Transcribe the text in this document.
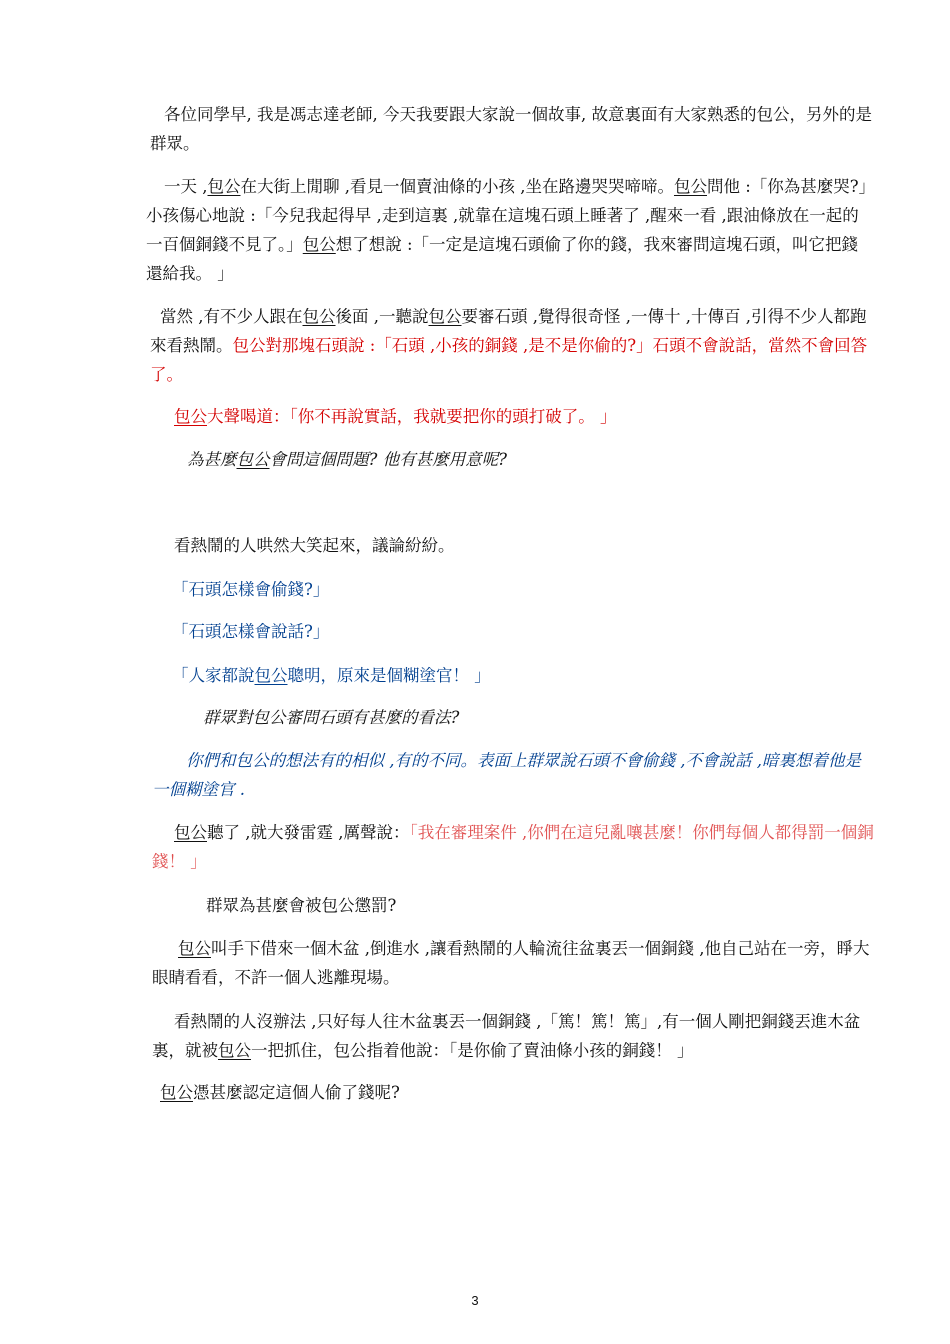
各位同學早, 我是馮志達老師, 今天我要跟大家說一個故事, 故意裏面有大家熟悉的包公，另外的是群眾。

一天 ,包公在大街上閒聊 ,看見一個賣油條的小孩 ,坐在路邊哭哭啼啼。包公問他 :「你為甚麼哭?」小孩傷心地說 :「今兒我起得早 ,走到這裏 ,就靠在這塊石頭上睡著了 ,醒來一看 ,跟油條放在一起的一百個銅錢不見了。」包公想了想說 :「一定是這塊石頭偷了你的錢，我來審問這塊石頭，叫它把錢還給我。 」

當然 ,有不少人跟在包公後面 ,一聽說包公要審石頭 ,覺得很奇怪 ,一傳十 ,十傳百 ,引得不少人都跑來看熱鬧。包公對那塊石頭說 :「石頭 ,小孩的銅錢 ,是不是你偷的?」石頭不會說話，當然不會回答了。

包公大聲喝道：「你不再說實話，我就要把你的頭打破了。 」

為甚麼包公會問這個問題? 他有甚麼用意呢?

看熱鬧的人哄然大笑起來，議論紛紛。

「石頭怎樣會偷錢?」

「石頭怎樣會說話?」

「人家都說包公聰明，原來是個糊塗官！ 」

群眾對包公審問石頭有甚麼的看法?

你們和包公的想法有的相似 ,有的不同。表面上群眾說石頭不會偷錢 ,不會說話 ,暗裏想着他是一個糊塗官 .

包公聽了 ,就大發雷霆 ,厲聲說：「我在審理案件 ,你們在這兒亂嚷甚麼！你們每個人都得罰一個銅錢！ 」

群眾為甚麼會被包公懲罰?

包公叫手下借來一個木盆 ,倒進水 ,讓看熱鬧的人輪流往盆裏丟一個銅錢 ,他自己站在一旁，睜大眼睛看看，不許一個人逃離現場。

看熱鬧的人沒辦法 ,只好每人往木盆裏丟一個銅錢 ,「篤！篤！篤」,有一個人剛把銅錢丟進木盆裏，就被包公一把抓住，包公指着他說：「是你偷了賣油條小孩的銅錢！ 」

包公憑甚麼認定這個人偷了錢呢?

3
